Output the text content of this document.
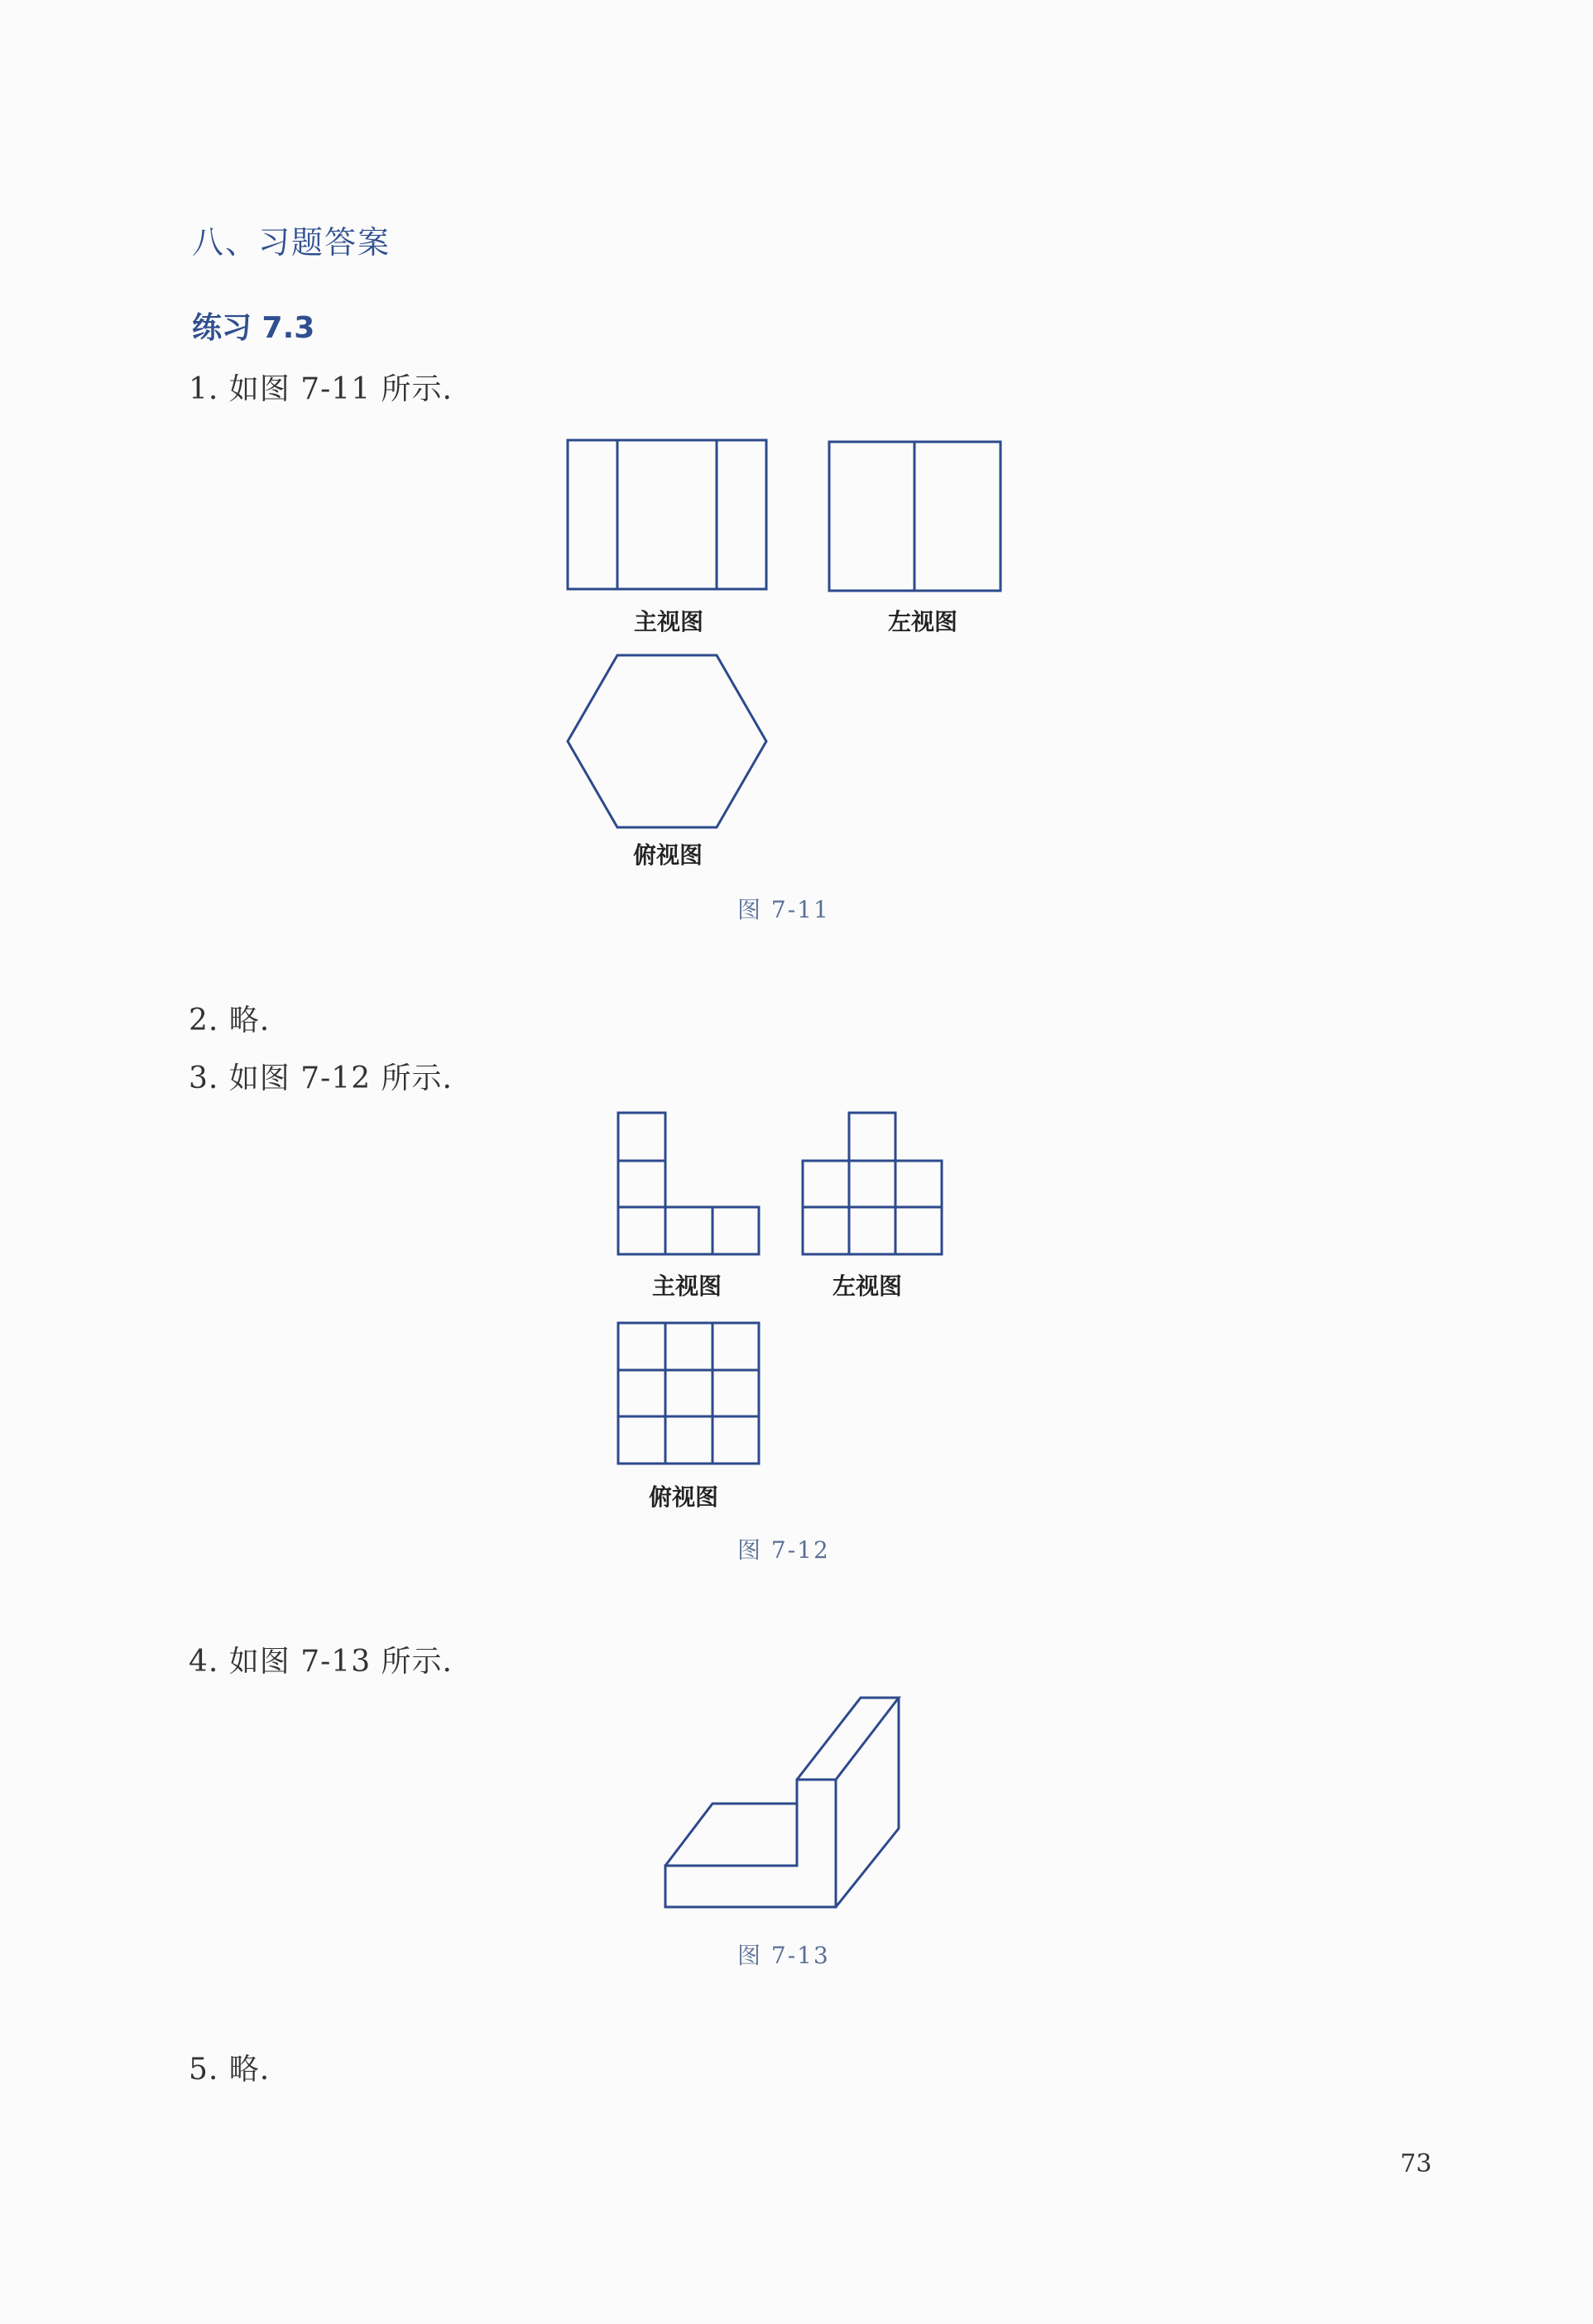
八、习题答案
练习 7.3
1. 如图 7-11 所示.
主视图	左视图
俯视图
图 7-11
2. 略.
3. 如图 7-12 所示.
主视图	左视图
俯视图
图 7-12
4. 如图 7-13 所示.
图 7-13
5. 略.
73
